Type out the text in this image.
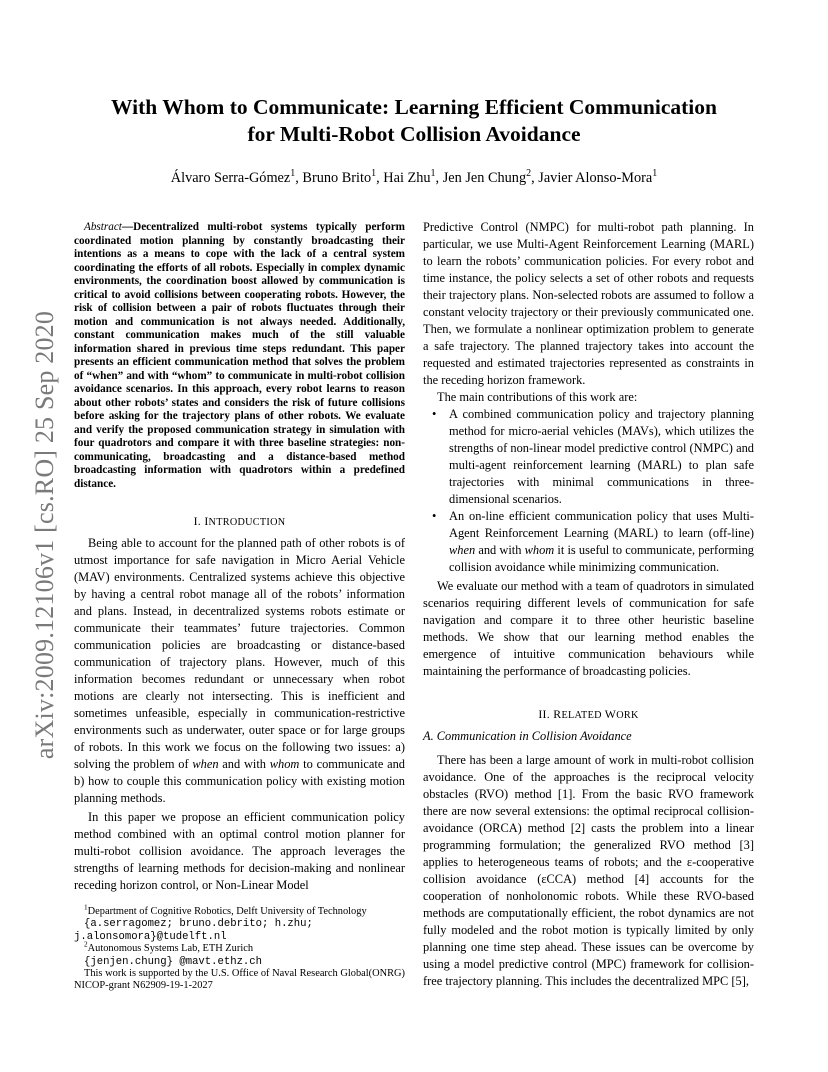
arXiv:2009.12106v1 [cs.RO] 25 Sep 2020
With Whom to Communicate: Learning Efficient Communication
for Multi-Robot Collision Avoidance
Álvaro Serra-Gómez$^1$, Bruno Brito$^1$, Hai Zhu$^1$, Jen Jen Chung$^2$, Javier Alonso-Mora$^1$
Abstract—Decentralized multi-robot systems typically perform coordinated motion planning by constantly broadcasting their intentions as a means to cope with the lack of a central system coordinating the efforts of all robots. Especially in complex dynamic environments, the coordination boost allowed by communication is critical to avoid collisions between cooperating robots. However, the risk of collision between a pair of robots fluctuates through their motion and communication is not always needed. Additionally, constant communication makes much of the still valuable information shared in previous time steps redundant. This paper presents an efficient communication method that solves the problem of “when” and with “whom” to communicate in multi-robot collision avoidance scenarios. In this approach, every robot learns to reason about other robots’ states and considers the risk of future collisions before asking for the trajectory plans of other robots. We evaluate and verify the proposed communication strategy in simulation with four quadrotors and compare it with three baseline strategies: non-communicating, broadcasting and a distance-based method broadcasting information with quadrotors within a predefined distance.
I. INTRODUCTION

Being able to account for the planned path of other robots is of utmost importance for safe navigation in Micro Aerial Vehicle (MAV) environments. Centralized systems achieve this objective by having a central robot manage all of the robots’ information and plans. Instead, in decentralized systems robots estimate or communicate their teammates’ future trajectories. Common communication policies are broadcasting or distance-based communication of trajectory plans. However, much of this information becomes redundant or unnecessary when robot motions are clearly not intersecting. This is inefficient and sometimes unfeasible, especially in communication-restrictive environments such as underwater, outer space or for large groups of robots. In this work we focus on the following two issues: a) solving the problem of when and with whom to communicate and b) how to couple this communication policy with existing motion planning methods.

In this paper we propose an efficient communication policy method combined with an optimal control motion planner for multi-robot collision avoidance. The approach leverages the strengths of learning methods for decision-making and nonlinear receding horizon control, or Non-Linear Model

$^1$Department of Cognitive Robotics, Delft University of Technology
{a.serragomez; bruno.debrito; h.zhu;
j.alonsomora}@tudelft.nl
$^2$Autonomous Systems Lab, ETH Zurich
{jenjen.chung} @mavt.ethz.ch
This work is supported by the U.S. Office of Naval Research Global(ONRG) NICOP-grant N62909-19-1-2027

Predictive Control (NMPC) for multi-robot path planning. In particular, we use Multi-Agent Reinforcement Learning (MARL) to learn the robots’ communication policies. For every robot and time instance, the policy selects a set of other robots and requests their trajectory plans. Non-selected robots are assumed to follow a constant velocity trajectory or their previously communicated one. Then, we formulate a nonlinear optimization problem to generate a safe trajectory. The planned trajectory takes into account the requested and estimated trajectories represented as constraints in the receding horizon framework.

The main contributions of this work are:

• A combined communication policy and trajectory planning method for micro-aerial vehicles (MAVs), which utilizes the strengths of non-linear model predictive control (NMPC) and multi-agent reinforcement learning (MARL) to plan safe trajectories with minimal communications in three-dimensional scenarios.
• An on-line efficient communication policy that uses Multi-Agent Reinforcement Learning (MARL) to learn (off-line) when and with whom it is useful to communicate, performing collision avoidance while minimizing communication.

We evaluate our method with a team of quadrotors in simulated scenarios requiring different levels of communication for safe navigation and compare it to three other heuristic baseline methods. We show that our learning method enables the emergence of intuitive communication behaviours while maintaining the performance of broadcasting policies.

II. RELATED WORK
A. Communication in Collision Avoidance

There has been a large amount of work in multi-robot collision avoidance. One of the approaches is the reciprocal velocity obstacles (RVO) method [1]. From the basic RVO framework there are now several extensions: the optimal reciprocal collision-avoidance (ORCA) method [2] casts the problem into a linear programming formulation; the generalized RVO method [3] applies to heterogeneous teams of robots; and the ε-cooperative collision avoidance (εCCA) method [4] accounts for the cooperation of nonholonomic robots. While these RVO-based methods are computationally efficient, the robot dynamics are not fully modeled and the robot motion is typically limited by only planning one time step ahead. These issues can be overcome by using a model predictive control (MPC) framework for collision-free trajectory planning. This includes the decentralized MPC [5],
